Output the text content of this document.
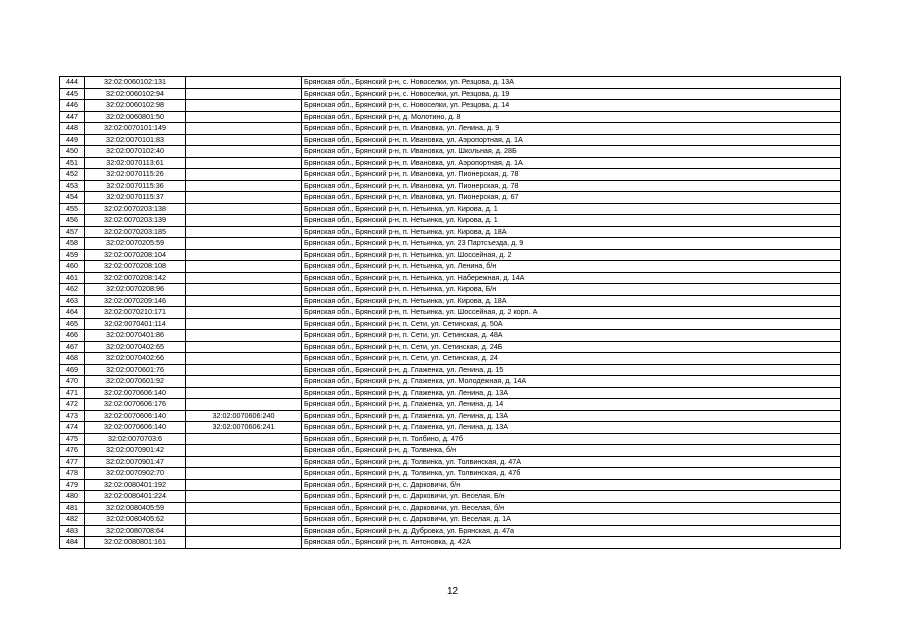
444	32:02:0060102:131		Брянская обл., Брянский р-н, с. Новоселки, ул. Резцова, д. 13А
445	32:02:0060102:94		Брянская обл., Брянский р-н, с. Новоселки, ул. Резцова, д. 19
446	32:02:0060102:98		Брянская обл., Брянский р-н, с. Новоселки, ул. Резцова, д. 14
447	32:02:0060801:50		Брянская обл., Брянский р-н, д. Молотино, д. 8
448	32:02:0070101:149		Брянская обл., Брянский р-н, п. Ивановка, ул. Ленина, д. 9
449	32:02:0070101:83		Брянская обл., Брянский р-н, п. Ивановка, ул. Аэропортная, д. 1А
450	32:02:0070102:40		Брянская обл., Брянский р-н, п. Ивановка, ул. Школьная, д. 28Б
451	32:02:0070113:61		Брянская обл., Брянский р-н, п. Ивановка, ул. Аэропортная, д. 1А
452	32:02:0070115:26		Брянская обл., Брянский р-н, п. Ивановка, ул. Пионерская, д. 78
453	32:02:0070115:36		Брянская обл., Брянский р-н, п. Ивановка, ул. Пионерская, д. 78
454	32:02:0070115:37		Брянская обл., Брянский р-н, п. Ивановка, ул. Пионерская, д. 67
455	32:02:0070203:138		Брянская обл., Брянский р-н, п. Нетьинка, ул. Кирова, д. 1
456	32:02:0070203:139		Брянская обл., Брянский р-н, п. Нетьинка, ул. Кирова, д. 1
457	32:02:0070203:185		Брянская обл., Брянский р-н, п. Нетьинка, ул. Кирова, д. 18А
458	32:02:0070205:59		Брянская обл., Брянский р-н, п. Нетьинка, ул. 23 Партсъезда, д. 9
459	32:02:0070208:104		Брянская обл., Брянский р-н, п. Нетьинка, ул. Шоссейная, д. 2
460	32:02:0070208:108		Брянская обл., Брянский р-н, п. Нетьинка, ул. Ленина, б/н
461	32:02:0070208:142		Брянская обл., Брянский р-н, п. Нетьинка, ул. Набережная, д. 14А
462	32:02:0070208:96		Брянская обл., Брянский р-н, п. Нетьинка, ул. Кирова, Б/н
463	32:02:0070209:146		Брянская обл., Брянский р-н, п. Нетьинка, ул. Кирова, д. 18А
464	32:02:0070210:171		Брянская обл., Брянский р-н, п. Нетьинка, ул. Шоссейная, д. 2 корп. А
465	32:02:0070401:114		Брянская обл., Брянский р-н, п. Сети, ул. Сетинская, д. 50А
466	32:02:0070401:86		Брянская обл., Брянский р-н, п. Сети, ул. Сетинская, д. 48А
467	32:02:0070402:65		Брянская обл., Брянский р-н, п. Сети, ул. Сетинская, д. 24Б
468	32:02:0070402:66		Брянская обл., Брянский р-н, п. Сети, ул. Сетинская, д. 24
469	32:02:0070601:76		Брянская обл., Брянский р-н, д. Глаженка, ул. Ленина, д. 15
470	32:02:0070601:92		Брянская обл., Брянский р-н, д. Глаженка, ул. Молодежная, д. 14А
471	32:02:0070606:140		Брянская обл., Брянский р-н, д. Глаженка, ул. Ленина, д. 13А
472	32:02:0070606:176		Брянская обл., Брянский р-н, д. Глаженка, ул. Ленина, д. 14
473	32:02:0070606:140	32:02:0070606:240	Брянская обл., Брянский р-н, д. Глаженка, ул. Ленина, д. 13А
474	32:02:0070606:140	32:02:0070606:241	Брянская обл., Брянский р-н, д. Глаженка, ул. Ленина, д. 13А
475	32:02:0070703:6		Брянская обл., Брянский р-н, п. Толбино, д. 47б
476	32:02:0070901:42		Брянская обл., Брянский р-н, д. Толвинка, б/н
477	32:02:0070901:47		Брянская обл., Брянский р-н, д. Толвинка, ул. Толвинская, д. 47А
478	32:02:0070902:70		Брянская обл., Брянский р-н, д. Толвинка, ул. Толвинская, д. 47б
479	32:02:0080401:192		Брянская обл., Брянский р-н, с. Дарковичи, б/н
480	32:02:0080401:224		Брянская обл., Брянский р-н, с. Дарковичи, ул. Веселая, Б/н
481	32:02:0080405:59		Брянская обл., Брянский р-н, с. Дарковичи, ул. Веселая, б/н
482	32:02:0080405:62		Брянская обл., Брянский р-н, с. Дарковичи, ул. Веселая, д. 1А
483	32:02:0080708:64		Брянская обл., Брянский р-н, д. Дубровка, ул. Брянская, д. 47а
484	32:02:0080801:161		Брянская обл., Брянский р-н, п. Антоновка, д. 42А
12
